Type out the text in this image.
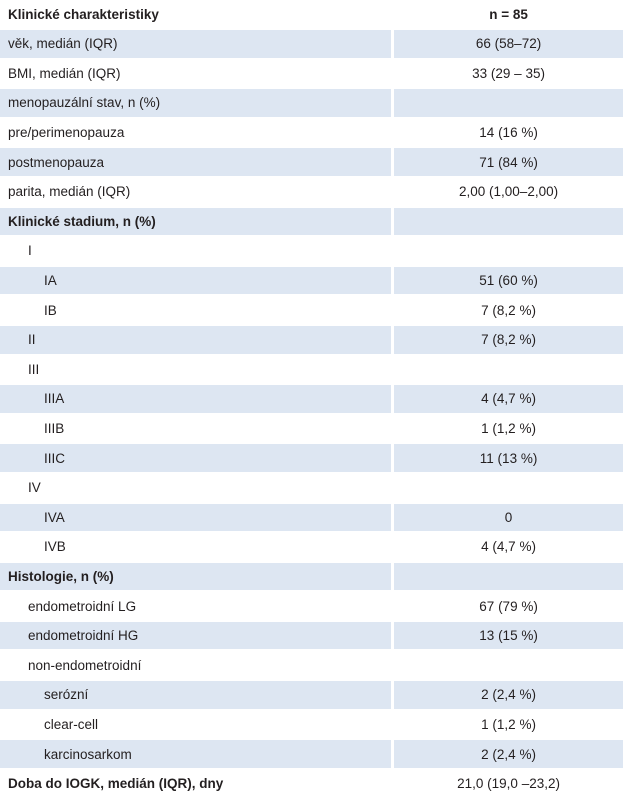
Klinické charakteristiky	n = 85
věk, medián (IQR)	66 (58–72)
BMI, medián (IQR)	33 (29 – 35)
menopauzální stav, n (%)
pre/perimenopauza	14 (16 %)
postmenopauza	71 (84 %)
parita, medián (IQR)	2,00 (1,00–2,00)
Klinické stadium, n (%)
I
IA	51 (60 %)
IB	7 (8,2 %)
II	7 (8,2 %)
III
IIIA	4 (4,7 %)
IIIB	1 (1,2 %)
IIIC	11 (13 %)
IV
IVA	0
IVB	4 (4,7 %)
Histologie, n (%)
endometroidní LG	67 (79 %)
endometroidní HG	13 (15 %)
non-endometroidní
serózní	2 (2,4 %)
clear-cell	1 (1,2 %)
karcinosarkom	2 (2,4 %)
Doba do IOGK, medián (IQR), dny	21,0 (19,0 –23,2)
